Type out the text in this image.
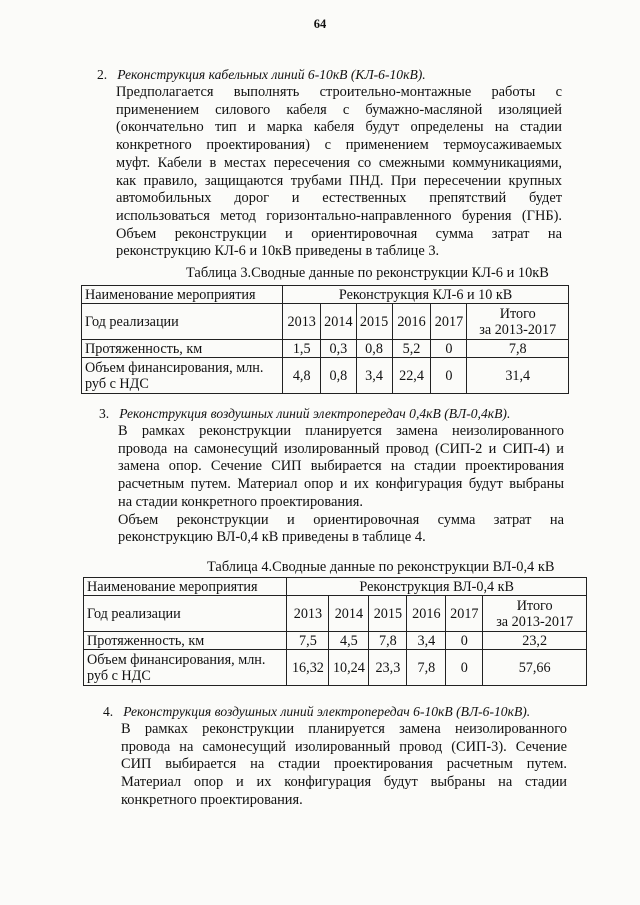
64
2. Реконструкция кабельных линий 6-10кВ (КЛ-6-10кВ).
Предполагается выполнять строительно-монтажные работы с
применением силового кабеля с бумажно-масляной изоляцией
(окончательно тип и марка кабеля будут определены на стадии
конкретного проектирования) с применением термоусаживаемых
муфт. Кабели в местах пересечения со смежными коммуникациями,
как правило, защищаются трубами ПНД. При пересечении крупных
автомобильных дорог и естественных препятствий будет
использоваться метод горизонтально-направленного бурения (ГНБ).
Объем реконструкции и ориентировочная сумма затрат на
реконструкцию КЛ-6 и 10кВ приведены в таблице 3.
Таблица 3.Сводные данные по реконструкции КЛ-6 и 10кВ
Наименование мероприятия	Реконструкция КЛ-6 и 10 кВ					
Год реализации	2013	2014	2015	2016	2017	Итого
за 2013-2017

Протяженность, км	1,5	0,3	0,8	5,2	0	7,8

Объем финансирования, млн.
руб с НДС	4,8	0,8	3,4	22,4	0	31,4
3. Реконструкция воздушных линий электропередач 0,4кВ (ВЛ-0,4кВ).
В рамках реконструкции планируется замена неизолированного
провода на самонесущий изолированный провод (СИП-2 и СИП-4) и
замена опор. Сечение СИП выбирается на стадии проектирования
расчетным путем. Материал опор и их конфигурация будут выбраны
на стадии конкретного проектирования.
Объем реконструкции и ориентировочная сумма затрат на
реконструкцию ВЛ-0,4 кВ приведены в таблице 4.
Таблица 4.Сводные данные по реконструкции ВЛ-0,4 кВ
Наименование мероприятия	Реконструкция ВЛ-0,4 кВ					
Год реализации	2013	2014	2015	2016	2017	Итого
за 2013-2017

Протяженность, км	7,5	4,5	7,8	3,4	0	23,2

Объем финансирования, млн.
руб с НДС	16,32	10,24	23,3	7,8	0	57,66
4. Реконструкция воздушных линий электропередач 6-10кВ (ВЛ-6-10кВ).
В рамках реконструкции планируется замена неизолированного
провода на самонесущий изолированный провод (СИП-3). Сечение
СИП выбирается на стадии проектирования расчетным путем.
Материал опор и их конфигурация будут выбраны на стадии
конкретного проектирования.
